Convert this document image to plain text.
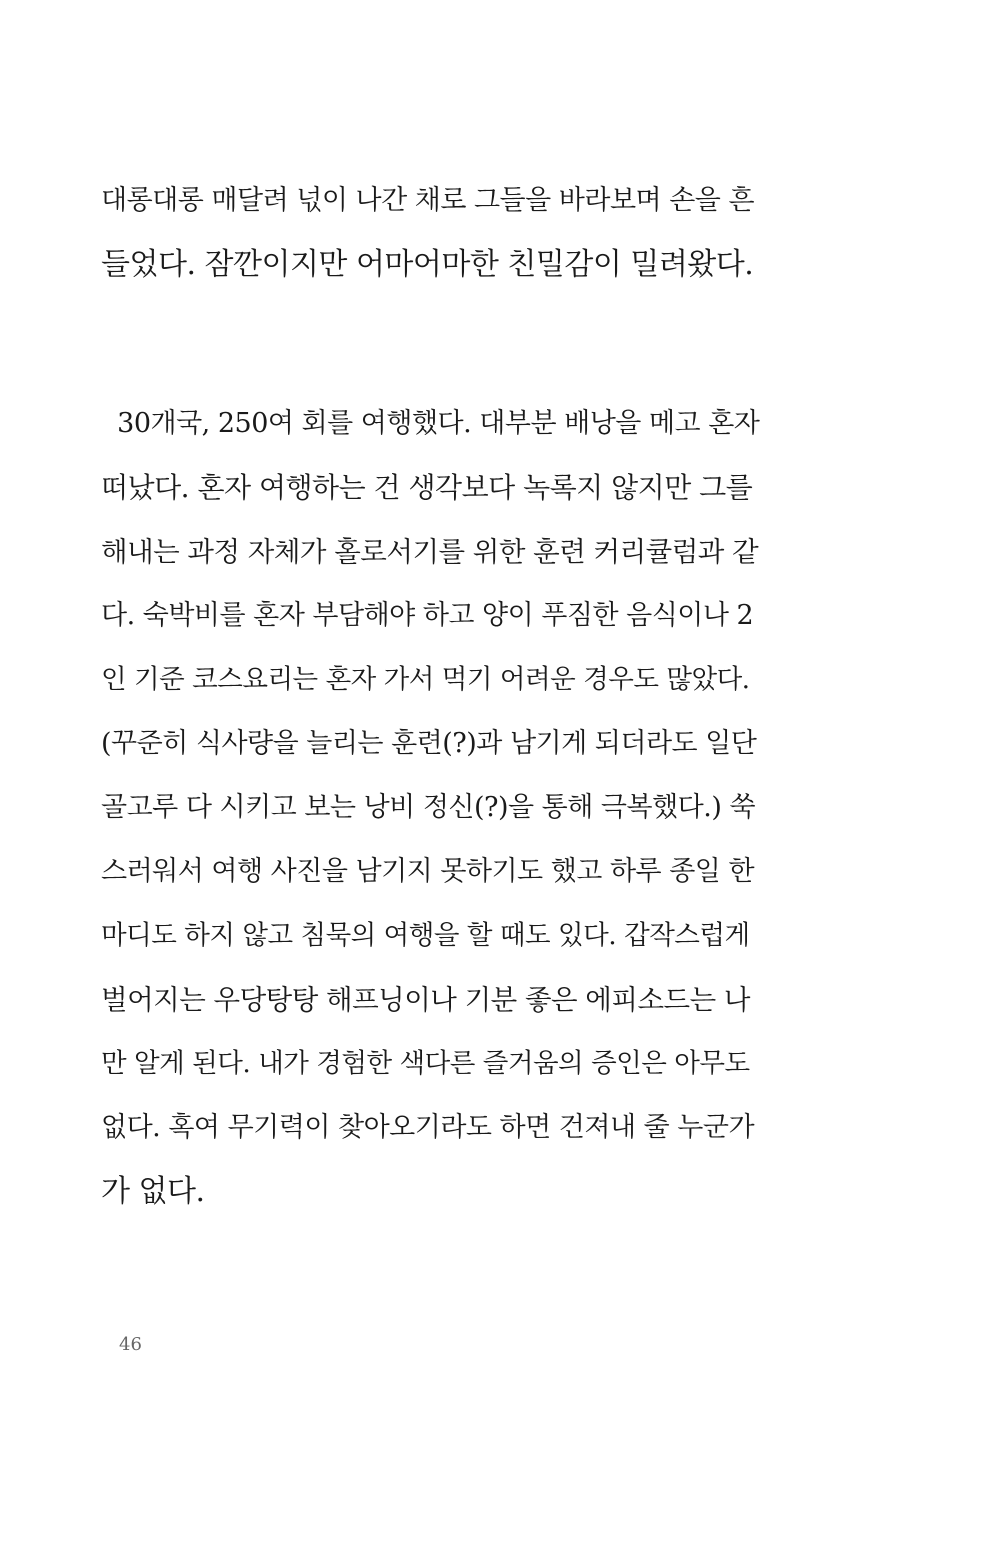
대롱대롱 매달려 넋이 나간 채로 그들을 바라보며 손을 흔
들었다. 잠깐이지만 어마어마한 친밀감이 밀려왔다.
30개국, 250여 회를 여행했다. 대부분 배낭을 메고 혼자
떠났다. 혼자 여행하는 건 생각보다 녹록지 않지만 그를
해내는 과정 자체가 홀로서기를 위한 훈련 커리큘럼과 같
다. 숙박비를 혼자 부담해야 하고 양이 푸짐한 음식이나 2
인 기준 코스요리는 혼자 가서 먹기 어려운 경우도 많았다.
(꾸준히 식사량을 늘리는 훈련(?)과 남기게 되더라도 일단
골고루 다 시키고 보는 낭비 정신(?)을 통해 극복했다.) 쑥
스러워서 여행 사진을 남기지 못하기도 했고 하루 종일 한
마디도 하지 않고 침묵의 여행을 할 때도 있다. 갑작스럽게
벌어지는 우당탕탕 해프닝이나 기분 좋은 에피소드는 나
만 알게 된다. 내가 경험한 색다른 즐거움의 증인은 아무도
없다. 혹여 무기력이 찾아오기라도 하면 건져내 줄 누군가
가 없다.
46
